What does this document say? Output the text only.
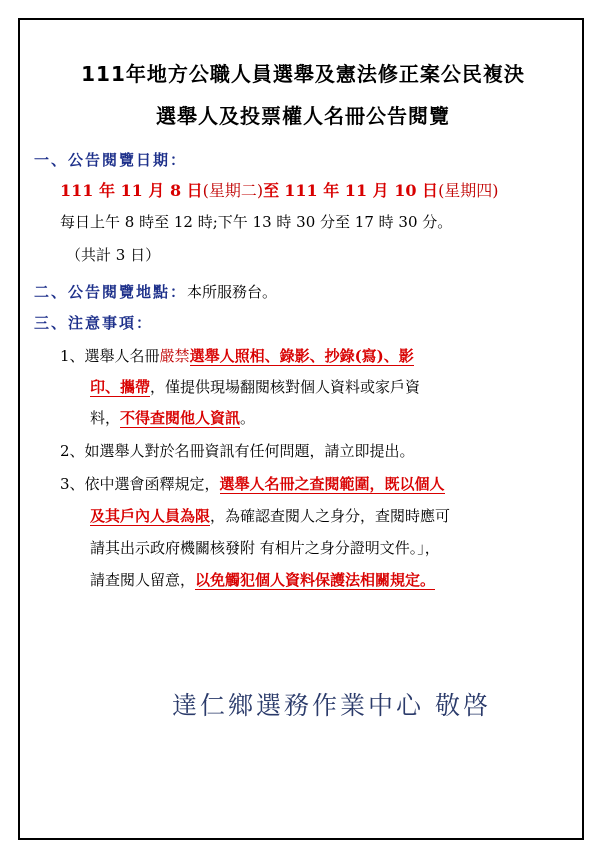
111年地方公職人員選舉及憲法修正案公民複決
選舉人及投票權人名冊公告閱覽
一、公告閱覽日期：
111 年 11 月 8 日(星期二)至 111 年 11 月 10 日(星期四)
每日上午 8 時至 12 時;下午 13 時 30 分至 17 時 30 分。
（共計 3 日）
二、公告閱覽地點：本所服務台。
三、注意事項：
1、選舉人名冊嚴禁選舉人照相、錄影、抄錄(寫)、影
印、攜帶，僅提供現場翻閱核對個人資料或家戶資
料，不得查閱他人資訊。
2、如選舉人對於名冊資訊有任何問題，請立即提出。
3、依中選會函釋規定，選舉人名冊之查閱範圍，既以個人
及其戶內人員為限，為確認查閱人之身分，查閱時應可
請其出示政府機關核發附 有相片之身分證明文件。」，
請查閱人留意，以免觸犯個人資料保護法相關規定。
達仁鄉選務作業中心 敬啓
